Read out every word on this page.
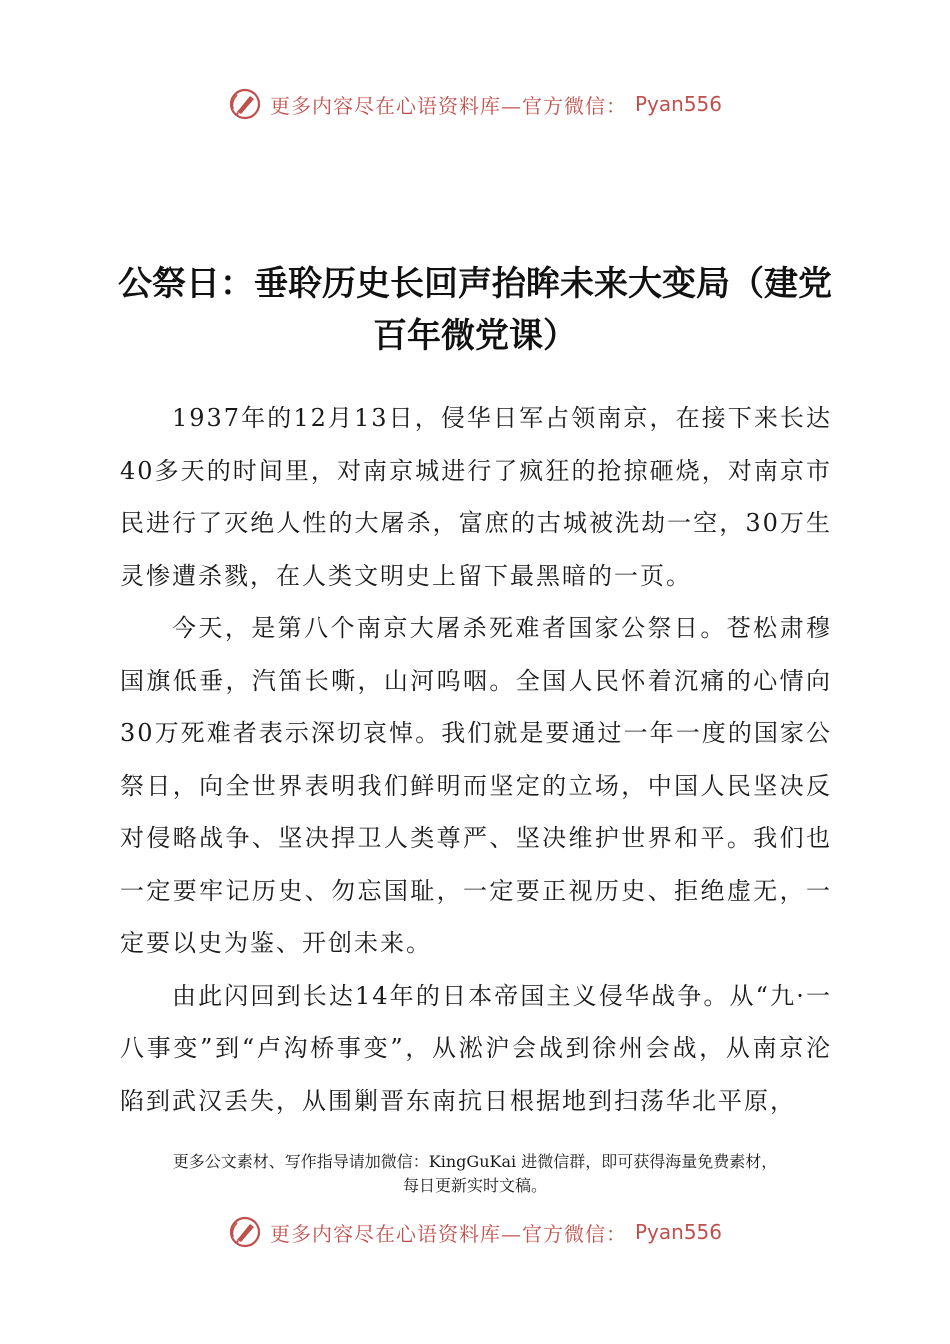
更多内容尽在心语资料库—官方微信： Pyan556
公祭日：垂聆历史长回声抬眸未来大变局（建党百年微党课）

1937年的12月13日，侵华日军占领南京，在接下来长达40多天的时间里，对南京城进行了疯狂的抢掠砸烧，对南京市民进行了灭绝人性的大屠杀，富庶的古城被洗劫一空，30万生灵惨遭杀戮，在人类文明史上留下最黑暗的一页。

今天，是第八个南京大屠杀死难者国家公祭日。苍松肃穆国旗低垂，汽笛长嘶，山河呜咽。全国人民怀着沉痛的心情向30万死难者表示深切哀悼。我们就是要通过一年一度的国家公祭日，向全世界表明我们鲜明而坚定的立场，中国人民坚决反对侵略战争、坚决捍卫人类尊严、坚决维护世界和平。我们也一定要牢记历史、勿忘国耻，一定要正视历史、拒绝虚无，一定要以史为鉴、开创未来。

由此闪回到长达14年的日本帝国主义侵华战争。从“九·一八事变”到“卢沟桥事变”，从淞沪会战到徐州会战，从南京沦陷到武汉丢失，从围剿晋东南抗日根据地到扫荡华北平原，

更多公文素材、写作指导请加微信：KingGuKai 进微信群，即可获得海量免费素材，
每日更新实时文稿。
更多内容尽在心语资料库—官方微信： Pyan556
